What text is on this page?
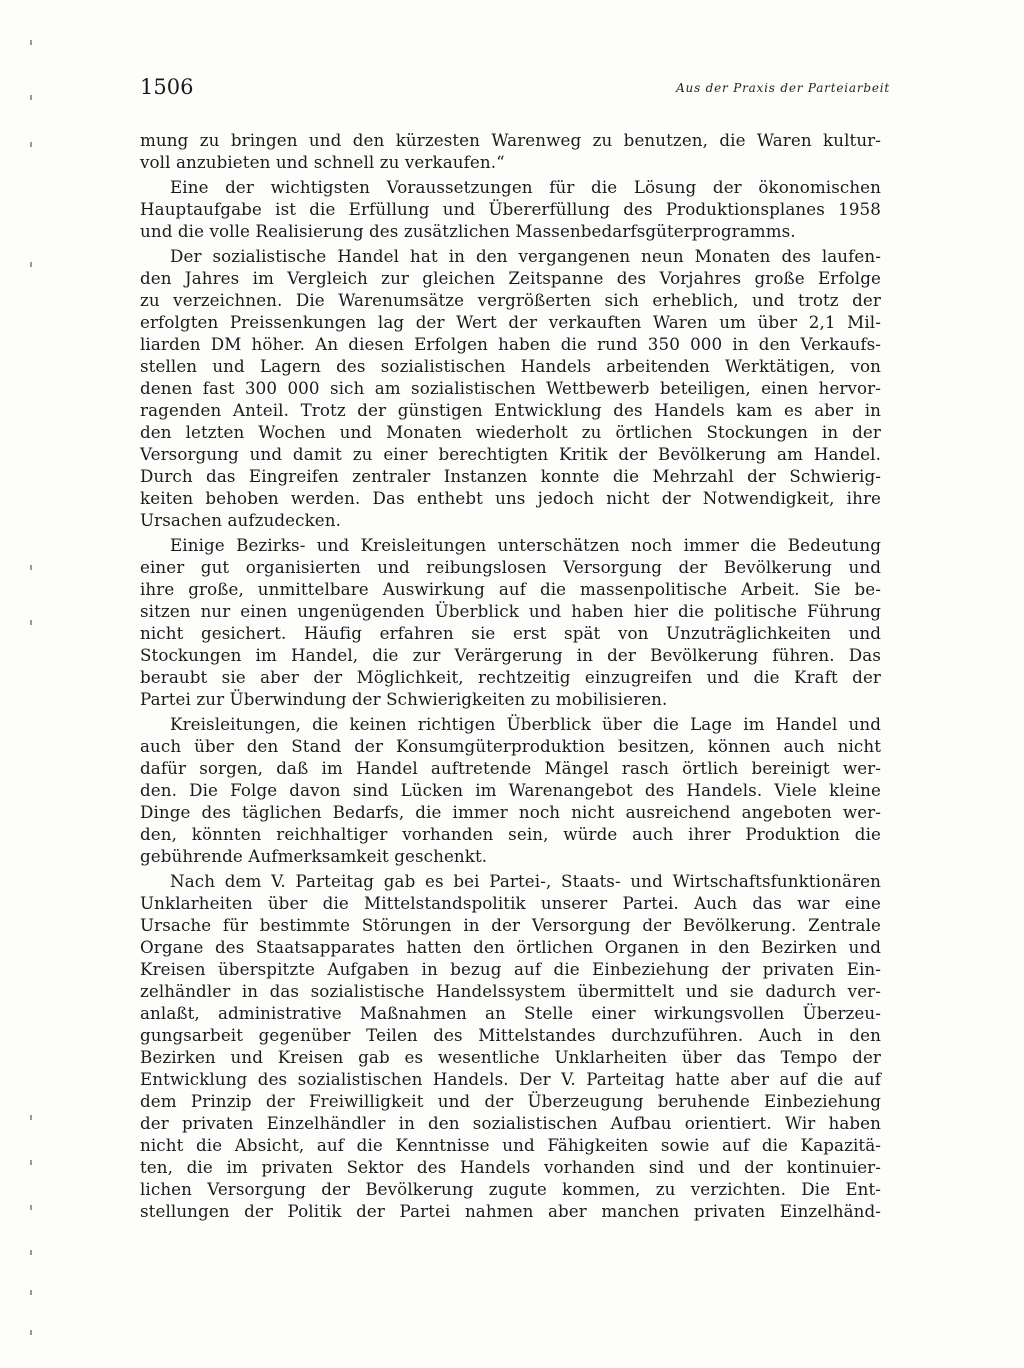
1506	Aus der Praxis der Parteiarbeit

mung zu bringen und den kürzesten Warenweg zu benutzen, die Waren kultur-

voll anzubieten und schnell zu verkaufen.“

Eine der wichtigsten Voraussetzungen für die Lösung der ökonomischen

Hauptaufgabe ist die Erfüllung und Übererfüllung des Produktionsplanes 1958

und die volle Realisierung des zusätzlichen Massenbedarfsgüterprogramms.

Der sozialistische Handel hat in den vergangenen neun Monaten des laufen-

den Jahres im Vergleich zur gleichen Zeitspanne des Vorjahres große Erfolge

zu verzeichnen. Die Warenumsätze vergrößerten sich erheblich, und trotz der

erfolgten Preissenkungen lag der Wert der verkauften Waren um über 2,1 Mil-

liarden DM höher. An diesen Erfolgen haben die rund 350 000 in den Verkaufs-

stellen und Lagern des sozialistischen Handels arbeitenden Werktätigen, von

denen fast 300 000 sich am sozialistischen Wettbewerb beteiligen, einen hervor-

ragenden Anteil. Trotz der günstigen Entwicklung des Handels kam es aber in

den letzten Wochen und Monaten wiederholt zu örtlichen Stockungen in der

Versorgung und damit zu einer berechtigten Kritik der Bevölkerung am Handel.

Durch das Eingreifen zentraler Instanzen konnte die Mehrzahl der Schwierig-

keiten behoben werden. Das enthebt uns jedoch nicht der Notwendigkeit, ihre

Ursachen aufzudecken.

Einige Bezirks- und Kreisleitungen unterschätzen noch immer die Bedeutung

einer gut organisierten und reibungslosen Versorgung der Bevölkerung und

ihre große, unmittelbare Auswirkung auf die massenpolitische Arbeit. Sie be-

sitzen nur einen ungenügenden Überblick und haben hier die politische Führung

nicht gesichert. Häufig erfahren sie erst spät von Unzuträglichkeiten und

Stockungen im Handel, die zur Verärgerung in der Bevölkerung führen. Das

beraubt sie aber der Möglichkeit, rechtzeitig einzugreifen und die Kraft der

Partei zur Überwindung der Schwierigkeiten zu mobilisieren.

Kreisleitungen, die keinen richtigen Überblick über die Lage im Handel und

auch über den Stand der Konsumgüterproduktion besitzen, können auch nicht

dafür sorgen, daß im Handel auftretende Mängel rasch örtlich bereinigt wer-

den. Die Folge davon sind Lücken im Warenangebot des Handels. Viele kleine

Dinge des täglichen Bedarfs, die immer noch nicht ausreichend angeboten wer-

den, könnten reichhaltiger vorhanden sein, würde auch ihrer Produktion die

gebührende Aufmerksamkeit geschenkt.

Nach dem V. Parteitag gab es bei Partei-, Staats- und Wirtschaftsfunktionären

Unklarheiten über die Mittelstandspolitik unserer Partei. Auch das war eine

Ursache für bestimmte Störungen in der Versorgung der Bevölkerung. Zentrale

Organe des Staatsapparates hatten den örtlichen Organen in den Bezirken und

Kreisen überspitzte Aufgaben in bezug auf die Einbeziehung der privaten Ein-

zelhändler in das sozialistische Handelssystem übermittelt und sie dadurch ver-

anlaßt, administrative Maßnahmen an Stelle einer wirkungsvollen Überzeu-

gungsarbeit gegenüber Teilen des Mittelstandes durchzuführen. Auch in den

Bezirken und Kreisen gab es wesentliche Unklarheiten über das Tempo der

Entwicklung des sozialistischen Handels. Der V. Parteitag hatte aber auf die auf

dem Prinzip der Freiwilligkeit und der Überzeugung beruhende Einbeziehung

der privaten Einzelhändler in den sozialistischen Aufbau orientiert. Wir haben

nicht die Absicht, auf die Kenntnisse und Fähigkeiten sowie auf die Kapazitä-

ten, die im privaten Sektor des Handels vorhanden sind und der kontinuier-

lichen Versorgung der Bevölkerung zugute kommen, zu verzichten. Die Ent-

stellungen der Politik der Partei nahmen aber manchen privaten Einzelhänd-
